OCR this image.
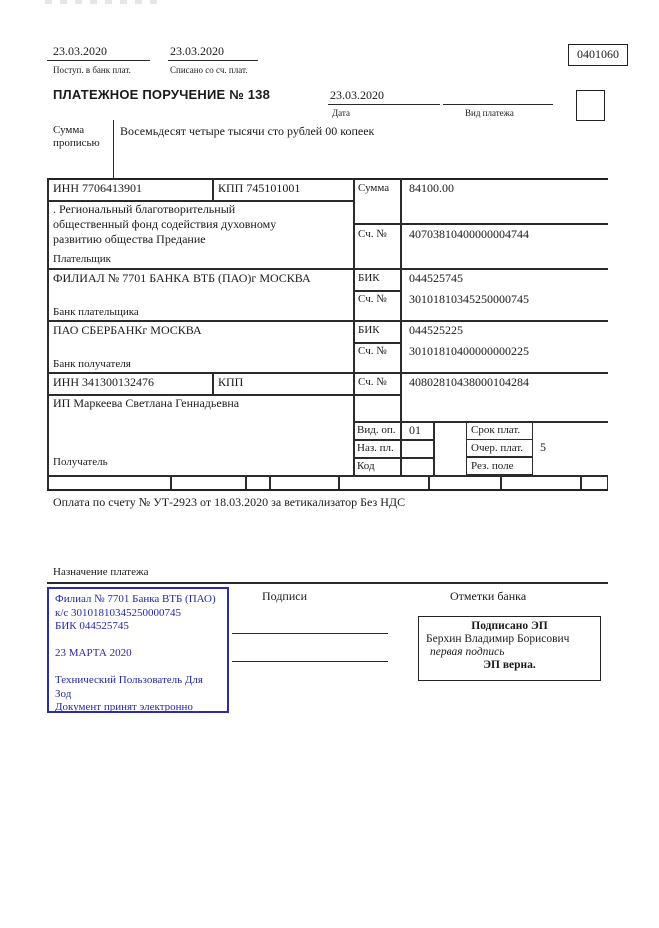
23.03.2020
Поступ. в банк плат.
23.03.2020
Списано со сч. плат.
0401060
ПЛАТЕЖНОЕ ПОРУЧЕНИЕ № 138	23.03.2020
Дата	Вид платежа
Сумма прописью
Восемьдесят четыре тысячи сто рублей 00 копеек
ИНН 7706413901	КПП 745101001	Сумма 84100.00
. Региональный благотворительный общественный фонд содействия духовному развитию общества Предание
Плательщик
Сч. № 40703810400000004744
ФИЛИАЛ № 7701 БАНКА ВТБ (ПАО)г МОСКВА	БИК 044525745
Сч. № 30101810345250000745
Банк плательщика
ПАО СБЕРБАНКг МОСКВА	БИК 044525225
Сч. № 30101810400000000225
Банк получателя
ИНН 341300132476	КПП	Сч. № 40802810438000104284
ИП Маркеева Светлана Геннадьевна
Вид. оп. 01	Срок плат.
Наз. пл.	Очер. плат. 5
Код	Рез. поле
Получатель
Оплата по счету № УТ-2923 от 18.03.2020 за ветикализатор Без НДС
Назначение платежа
Филиал № 7701 Банка ВТБ (ПАО)
к/с 30101810345250000745
БИК 044525745
23 МАРТА 2020
Технический Пользователь Для Зод
Документ принят электронно
Подписи	Отметки банка
Подписано ЭП
Берхин Владимир Борисович
первая подпись
ЭП верна.
